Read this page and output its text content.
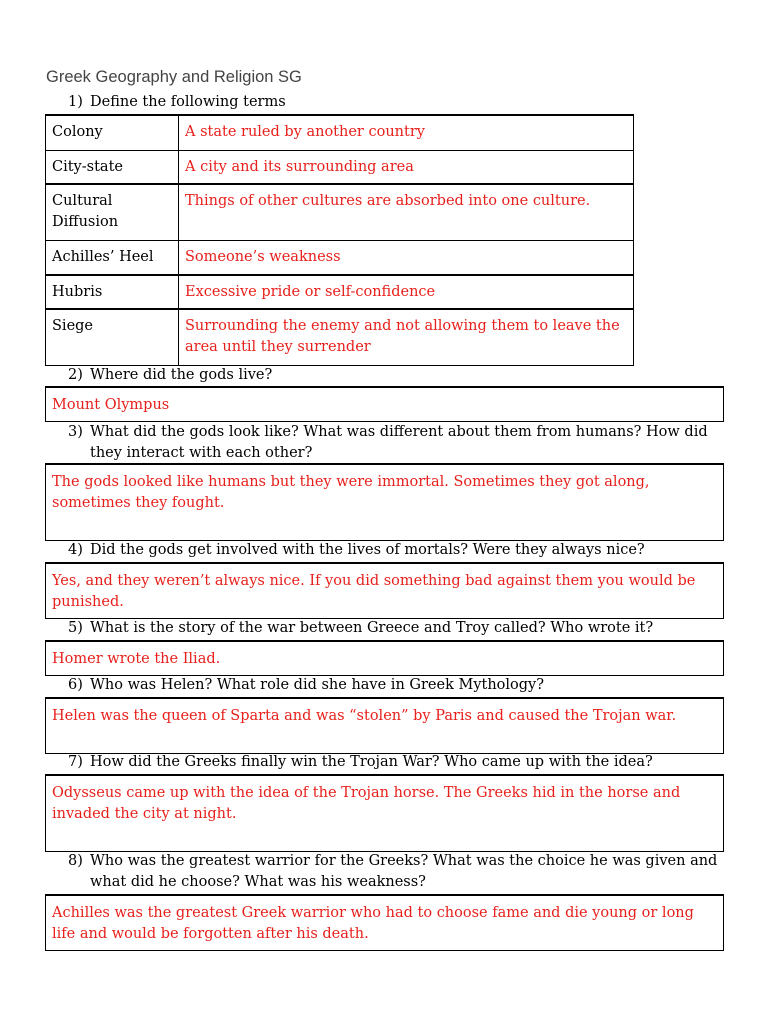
Greek Geography and Religion SG
1) Define the following terms
Colony	A state ruled by another country
City-state	A city and its surrounding area
Cultural Diffusion	Things of other cultures are absorbed into one culture.
Achilles’ Heel	Someone’s weakness
Hubris	Excessive pride or self-confidence
Siege	Surrounding the enemy and not allowing them to leave the area until they surrender
2) Where did the gods live?
Mount Olympus
3) What did the gods look like? What was different about them from humans? How did they interact with each other?
The gods looked like humans but they were immortal. Sometimes they got along, sometimes they fought.
4) Did the gods get involved with the lives of mortals? Were they always nice?
Yes, and they weren’t always nice. If you did something bad against them you would be punished.
5) What is the story of the war between Greece and Troy called? Who wrote it?
Homer wrote the Iliad.
6) Who was Helen? What role did she have in Greek Mythology?
Helen was the queen of Sparta and was “stolen” by Paris and caused the Trojan war.
7) How did the Greeks finally win the Trojan War? Who came up with the idea?
Odysseus came up with the idea of the Trojan horse. The Greeks hid in the horse and invaded the city at night.
8) Who was the greatest warrior for the Greeks? What was the choice he was given and what did he choose? What was his weakness?
Achilles was the greatest Greek warrior who had to choose fame and die young or long life and would be forgotten after his death.
